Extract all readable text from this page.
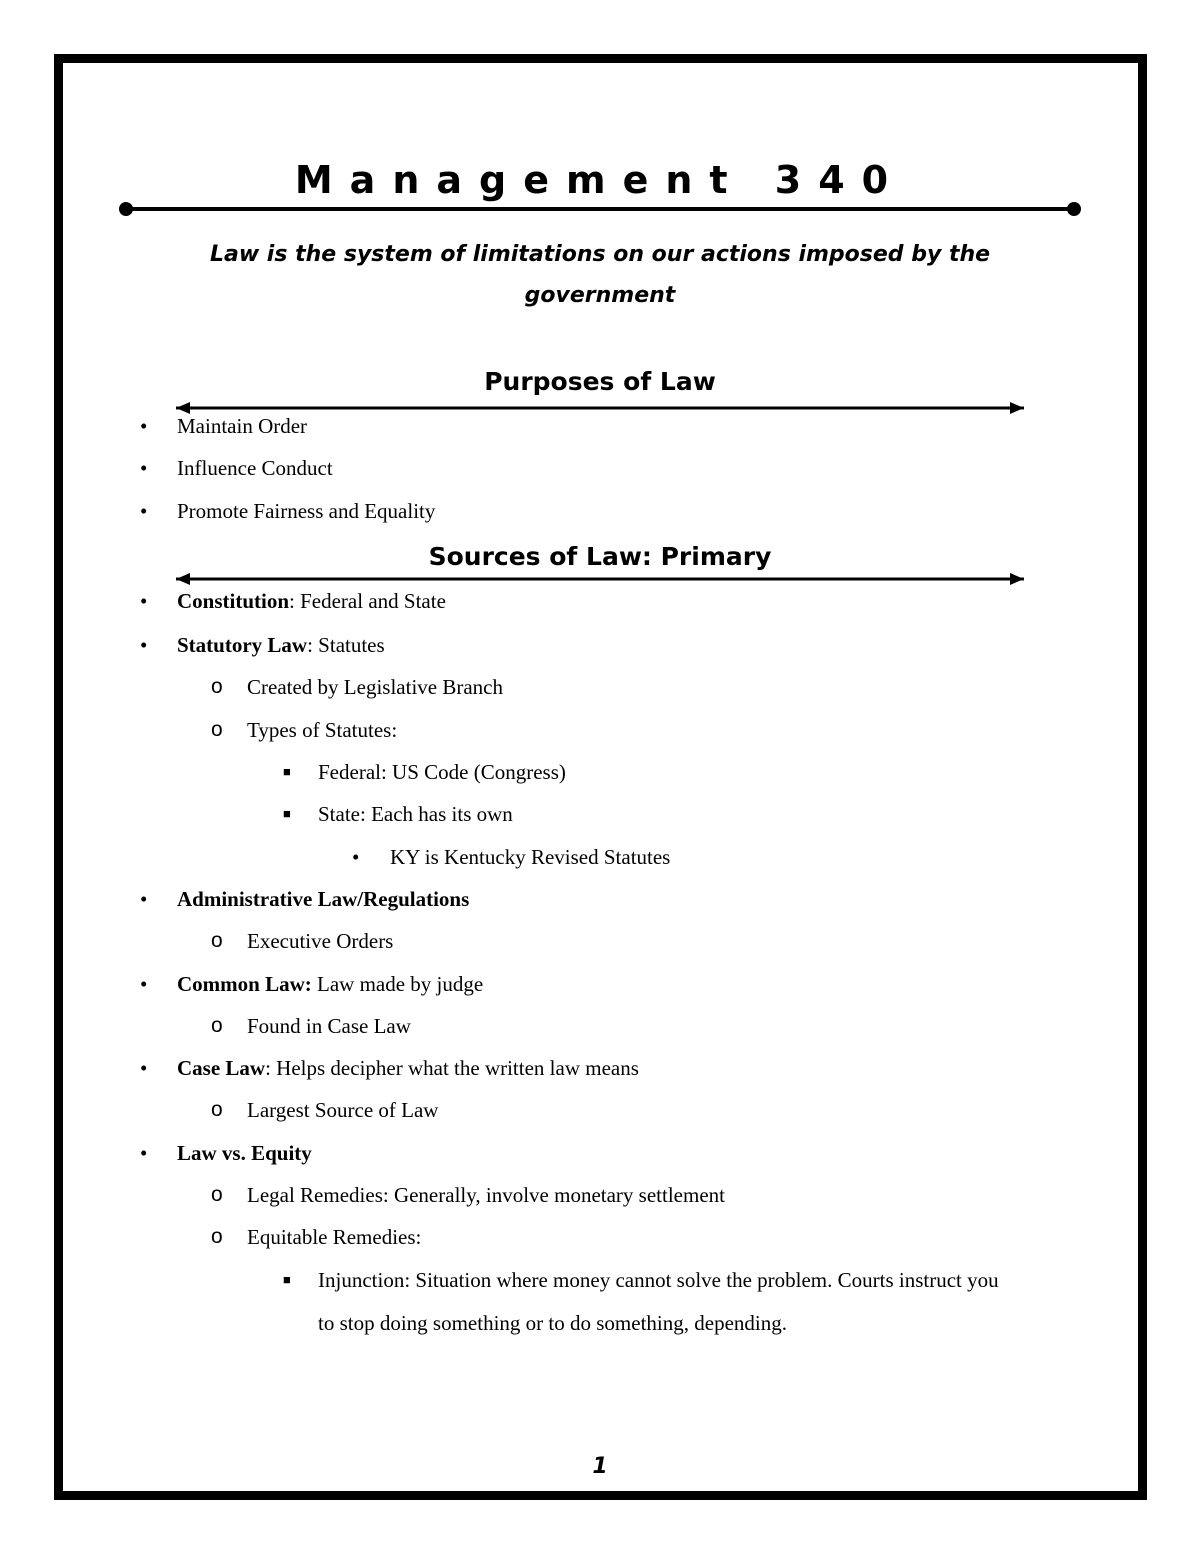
Management 340
Law is the system of limitations on our actions imposed by the government
Purposes of Law
• Maintain Order
• Influence Conduct
• Promote Fairness and Equality
Sources of Law: Primary
• Constitution: Federal and State
• Statutory Law: Statutes
o Created by Legislative Branch
o Types of Statutes:
■ Federal: US Code (Congress)
■ State: Each has its own
• KY is Kentucky Revised Statutes
• Administrative Law/Regulations
o Executive Orders
• Common Law: Law made by judge
o Found in Case Law
• Case Law: Helps decipher what the written law means
o Largest Source of Law
• Law vs. Equity
o Legal Remedies: Generally, involve monetary settlement
o Equitable Remedies:
■ Injunction: Situation where money cannot solve the problem. Courts instruct you
to stop doing something or to do something, depending.
1
